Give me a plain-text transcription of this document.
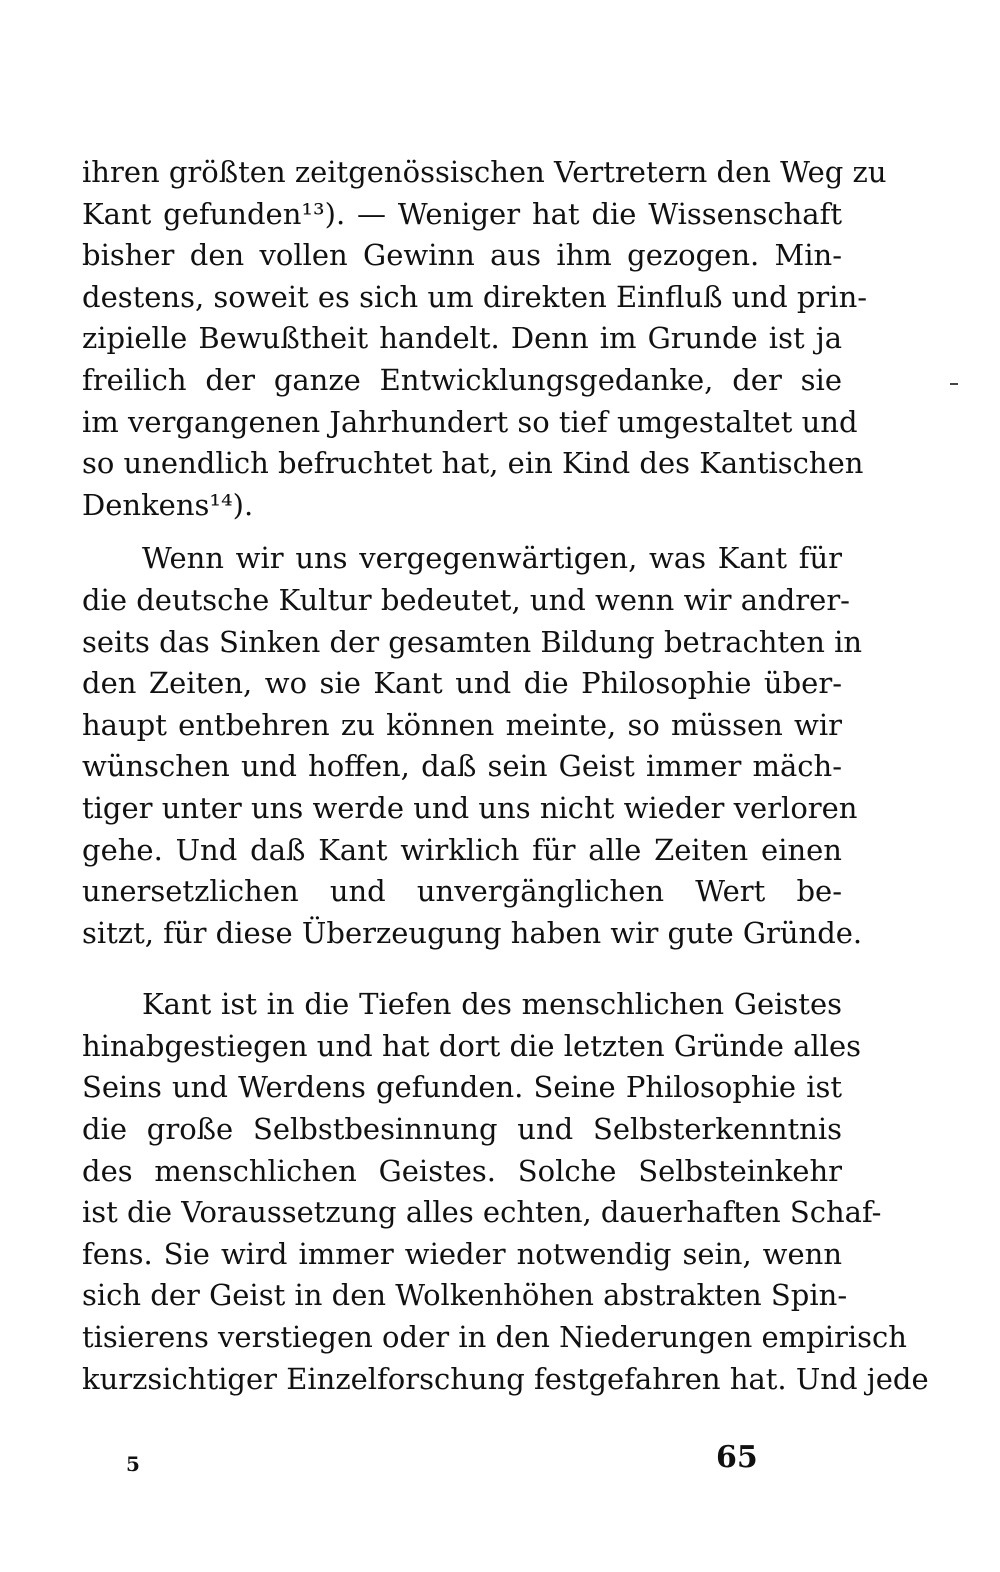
ihren größten zeitgenössischen Vertretern den Weg zu
Kant gefunden¹³). — Weniger hat die Wissenschaft
bisher den vollen Gewinn aus ihm gezogen. Min-
destens, soweit es sich um direkten Einfluß und prin-
zipielle Bewußtheit handelt. Denn im Grunde ist ja
freilich der ganze Entwicklungsgedanke, der sie
im vergangenen Jahrhundert so tief umgestaltet und
so unendlich befruchtet hat, ein Kind des Kantischen
Denkens¹⁴).
Wenn wir uns vergegenwärtigen, was Kant für
die deutsche Kultur bedeutet, und wenn wir andrer-
seits das Sinken der gesamten Bildung betrachten in
den Zeiten, wo sie Kant und die Philosophie über-
haupt entbehren zu können meinte, so müssen wir
wünschen und hoffen, daß sein Geist immer mäch-
tiger unter uns werde und uns nicht wieder verloren
gehe. Und daß Kant wirklich für alle Zeiten einen
unersetzlichen und unvergänglichen Wert be-
sitzt, für diese Überzeugung haben wir gute Gründe.
Kant ist in die Tiefen des menschlichen Geistes
hinabgestiegen und hat dort die letzten Gründe alles
Seins und Werdens gefunden. Seine Philosophie ist
die große Selbstbesinnung und Selbsterkenntnis
des menschlichen Geistes. Solche Selbsteinkehr
ist die Voraussetzung alles echten, dauerhaften Schaf-
fens. Sie wird immer wieder notwendig sein, wenn
sich der Geist in den Wolkenhöhen abstrakten Spin-
tisierens verstiegen oder in den Niederungen empirisch
kurzsichtiger Einzelforschung festgefahren hat. Und jede
5	65
